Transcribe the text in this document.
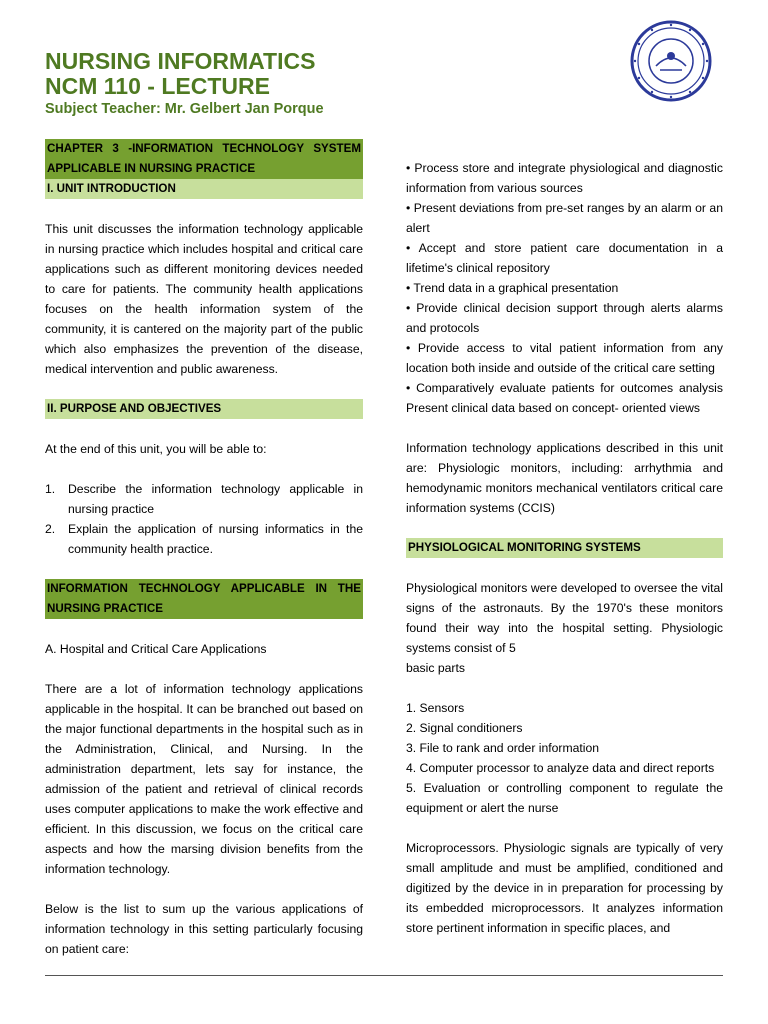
NURSING INFORMATICS
NCM 110 - LECTURE
Subject Teacher: Mr. Gelbert Jan Porque
CHAPTER 3 -INFORMATION TECHNOLOGY SYSTEM APPLICABLE IN NURSING PRACTICE
I. UNIT INTRODUCTION

This unit discusses the information technology applicable in nursing practice which includes hospital and critical care applications such as different monitoring devices needed to care for patients. The community health applications focuses on the health information system of the community, it is cantered on the majority part of the public which also emphasizes the prevention of the disease, medical intervention and public awareness.

II. PURPOSE AND OBJECTIVES

At the end of this unit, you will be able to:

1. Describe the information technology applicable in nursing practice
2. Explain the application of nursing informatics in the community health practice.
INFORMATION TECHNOLOGY APPLICABLE IN THE NURSING PRACTICE

A. Hospital and Critical Care Applications

There are a lot of information technology applications applicable in the hospital. It can be branched out based on the major functional departments in the hospital such as in the Administration, Clinical, and Nursing. In the administration department, lets say for instance, the admission of the patient and retrieval of clinical records uses computer applications to make the work effective and efficient. In this discussion, we focus on the critical care aspects and how the marsing division benefits from the information technology.

Below is the list to sum up the various applications of information technology in this setting particularly focusing on patient care:

• Process store and integrate physiological and diagnostic information from various sources

• Present deviations from pre-set ranges by an alarm or an alert

• Accept and store patient care documentation in a lifetime's clinical repository

• Trend data in a graphical presentation

• Provide clinical decision support through alerts alarms and protocols

• Provide access to vital patient information from any location both inside and outside of the critical care setting

• Comparatively evaluate patients for outcomes analysis Present clinical data based on concept- oriented views

Information technology applications described in this unit are: Physiologic monitors, including: arrhythmia and hemodynamic monitors mechanical ventilators critical care information systems (CCIS)

PHYSIOLOGICAL MONITORING SYSTEMS

Physiological monitors were developed to oversee the vital signs of the astronauts. By the 1970's these monitors found their way into the hospital setting. Physiologic systems consist of 5

basic parts

1. Sensors

2. Signal conditioners

3. File to rank and order information

4. Computer processor to analyze data and direct reports

5. Evaluation or controlling component to regulate the equipment or alert the nurse

Microprocessors. Physiologic signals are typically of very small amplitude and must be amplified, conditioned and digitized by the device in in preparation for processing by its embedded microprocessors. It analyzes information store pertinent information in specific places, and
